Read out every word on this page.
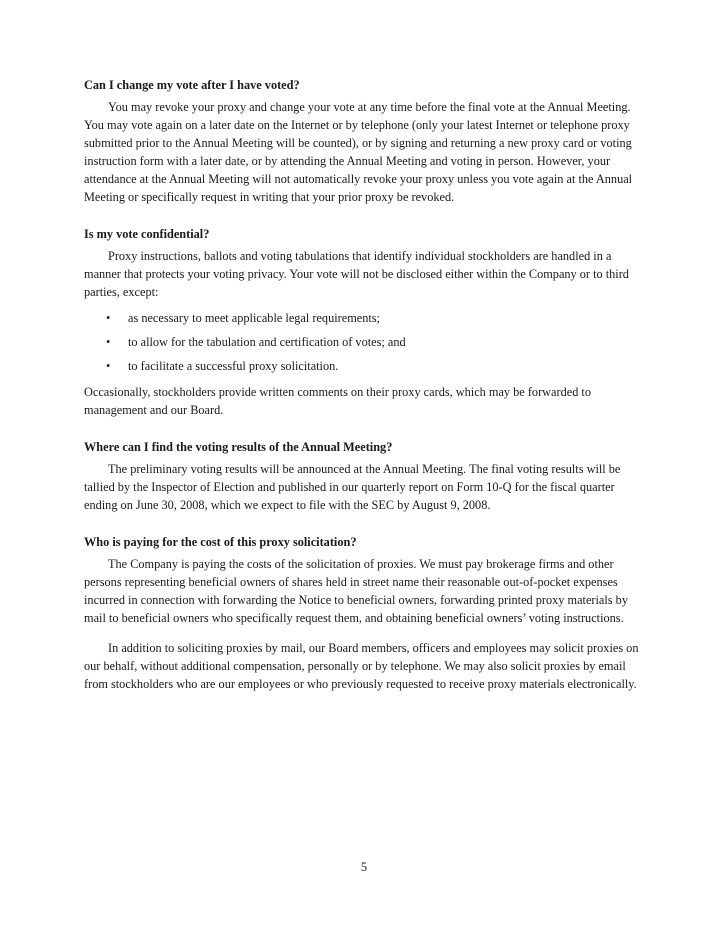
Can I change my vote after I have voted?

You may revoke your proxy and change your vote at any time before the final vote at the Annual Meeting. You may vote again on a later date on the Internet or by telephone (only your latest Internet or telephone proxy submitted prior to the Annual Meeting will be counted), or by signing and returning a new proxy card or voting instruction form with a later date, or by attending the Annual Meeting and voting in person. However, your attendance at the Annual Meeting will not automatically revoke your proxy unless you vote again at the Annual Meeting or specifically request in writing that your prior proxy be revoked.

Is my vote confidential?

Proxy instructions, ballots and voting tabulations that identify individual stockholders are handled in a manner that protects your voting privacy. Your vote will not be disclosed either within the Company or to third parties, except:

• as necessary to meet applicable legal requirements;
• to allow for the tabulation and certification of votes; and
• to facilitate a successful proxy solicitation.

Occasionally, stockholders provide written comments on their proxy cards, which may be forwarded to management and our Board.

Where can I find the voting results of the Annual Meeting?

The preliminary voting results will be announced at the Annual Meeting. The final voting results will be tallied by the Inspector of Election and published in our quarterly report on Form 10-Q for the fiscal quarter ending on June 30, 2008, which we expect to file with the SEC by August 9, 2008.

Who is paying for the cost of this proxy solicitation?

The Company is paying the costs of the solicitation of proxies. We must pay brokerage firms and other persons representing beneficial owners of shares held in street name their reasonable out-of-pocket expenses incurred in connection with forwarding the Notice to beneficial owners, forwarding printed proxy materials by mail to beneficial owners who specifically request them, and obtaining beneficial owners’ voting instructions.

In addition to soliciting proxies by mail, our Board members, officers and employees may solicit proxies on our behalf, without additional compensation, personally or by telephone. We may also solicit proxies by email from stockholders who are our employees or who previously requested to receive proxy materials electronically.

5
